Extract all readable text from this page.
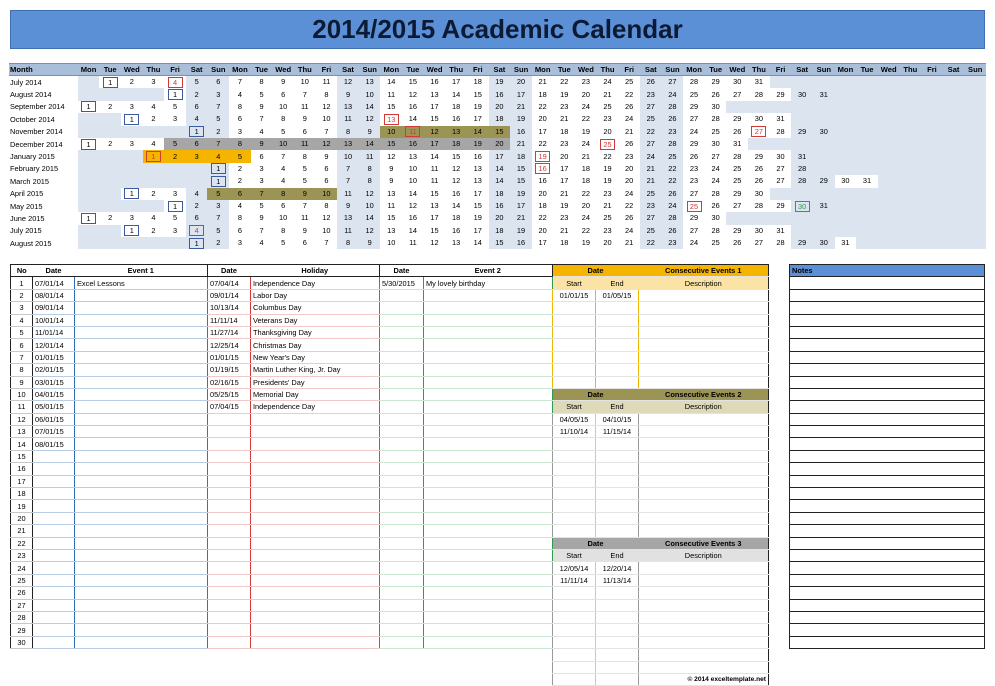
2014/2015 Academic Calendar
Month	Mon	Tue	Wed	Thu	Fri	Sat	Sun	Mon	Tue	Wed	Thu	Fri	Sat	Sun	Mon	Tue	Wed	Thu	Fri	Sat	Sun	Mon	Tue	Wed	Thu	Fri	Sat	Sun	Mon	Tue	Wed	Thu	Fri	Sat	Sun	Mon	Tue	Wed	Thu	Fri	Sat	Sun
July 2014		1	2	3	4	5	6	7	8	9	10	11	12	13	14	15	16	17	18	19	20	21	22	23	24	25	26	27	28	29	30	31										
August 2014					1	2	3	4	5	6	7	8	9	10	11	12	13	14	15	16	17	18	19	20	21	22	23	24	25	26	27	28	29	30	31							
September 2014	1	2	3	4	5	6	7	8	9	10	11	12	13	14	15	16	17	18	19	20	21	22	23	24	25	26	27	28	29	30												
October 2014			1	2	3	4	5	6	7	8	9	10	11	12	13	14	15	16	17	18	19	20	21	22	23	24	25	26	27	28	29	30	31									
November 2014						1	2	3	4	5	6	7	8	9	10	11	12	13	14	15	16	17	18	19	20	21	22	23	24	25	26	27	28	29	30							
December 2014	1	2	3	4	5	6	7	8	9	10	11	12	13	14	15	16	17	18	19	20	21	22	23	24	25	26	27	28	29	30	31											
January 2015				1	2	3	4	5	6	7	8	9	10	11	12	13	14	15	16	17	18	19	20	21	22	23	24	25	26	27	28	29	30	31								
February 2015							1	2	3	4	5	6	7	8	9	10	11	12	13	14	15	16	17	18	19	20	21	22	23	24	25	26	27	28								
March 2015							1	2	3	4	5	6	7	8	9	10	11	12	13	14	15	16	17	18	19	20	21	22	23	24	25	26	27	28	29	30	31					
April 2015			1	2	3	4	5	6	7	8	9	10	11	12	13	14	15	16	17	18	19	20	21	22	23	24	25	26	27	28	29	30										
May 2015					1	2	3	4	5	6	7	8	9	10	11	12	13	14	15	16	17	18	19	20	21	22	23	24	25	26	27	28	29	30	31							
June 2015	1	2	3	4	5	6	7	8	9	10	11	12	13	14	15	16	17	18	19	20	21	22	23	24	25	26	27	28	29	30												
July 2015			1	2	3	4	5	6	7	8	9	10	11	12	13	14	15	16	17	18	19	20	21	22	23	24	25	26	27	28	29	30	31									
August 2015						1	2	3	4	5	6	7	8	9	10	11	12	13	14	15	16	17	18	19	20	21	22	23	24	25	26	27	28	29	30	31						
No	Date	Event 1
1	07/01/14	Excel Lessons
2	08/01/14	
3	09/01/14	
4	10/01/14	
5	11/01/14	
6	12/01/14	
7	01/01/15	
8	02/01/15	
9	03/01/15	
10	04/01/15	
11	05/01/15	
12	06/01/15	
13	07/01/15	
14	08/01/15	
15		
16		
17		
18		
19		
20		
21		
22		
23		
24		
25		
26		
27		
28		
29		
30		
Date	Holiday
07/04/14	Independence Day
09/01/14	Labor Day
10/13/14	Columbus Day
11/11/14	Veterans Day
11/27/14	Thanksgiving Day
12/25/14	Christmas Day
01/01/15	New Year's Day
01/19/15	Martin Luther King, Jr. Day
02/16/15	Presidents' Day
05/25/15	Memorial Day
07/04/15	Independence Day

Date	Event 2
5/30/2015	My lovely birthday

Date		Consecutive Events 1
Start	End	Description
01/01/15	01/05/15	

Date		Consecutive Events 2
Start	End	Description
04/05/15	04/10/15	
11/10/14	11/15/14	

Date		Consecutive Events 3
Start	End	Description
12/05/14	12/20/14	
11/11/14	11/13/14	

		© 2014 exceltemplate.net
Notes
